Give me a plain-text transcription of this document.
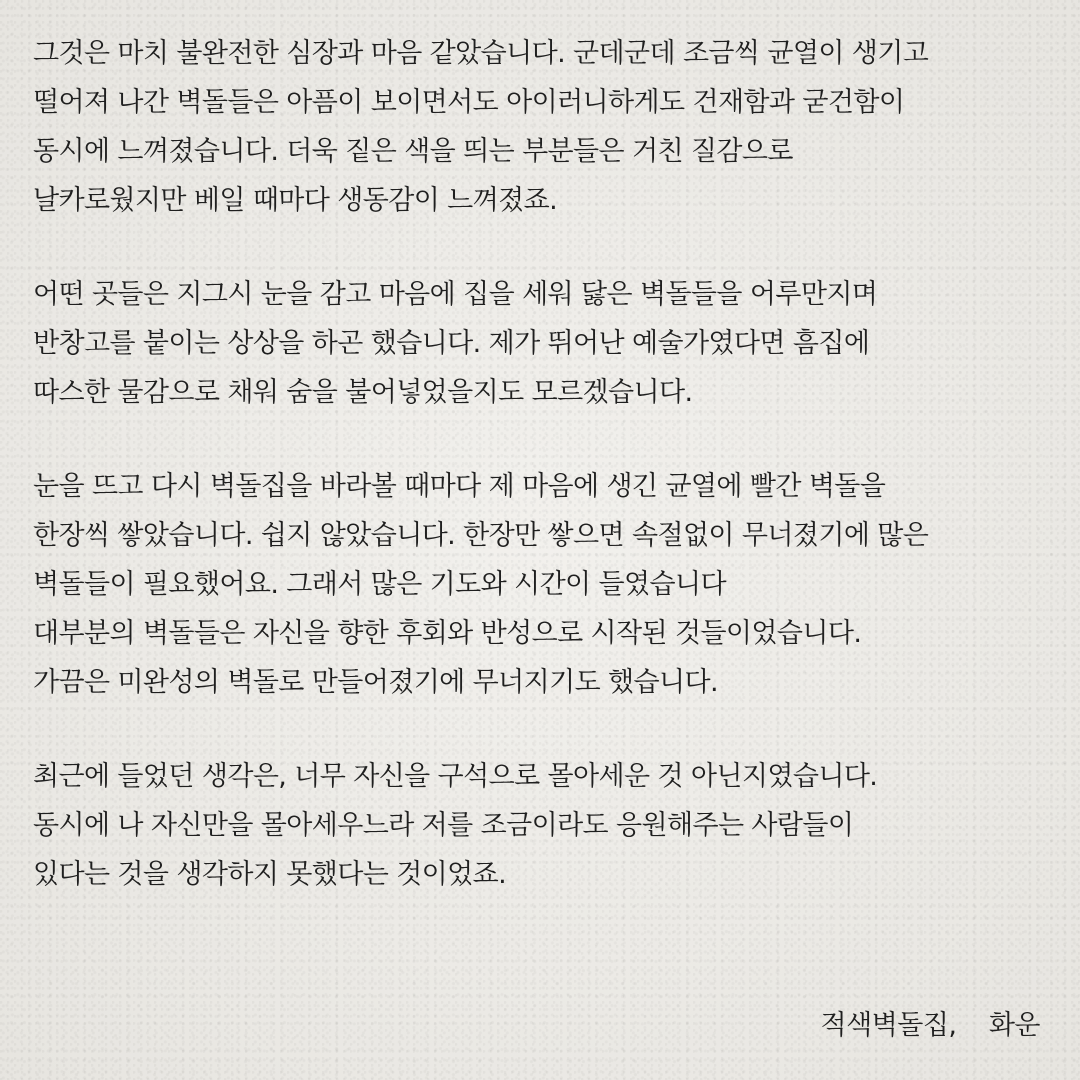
그것은 마치 불완전한 심장과 마음 같았습니다. 군데군데 조금씩 균열이 생기고
떨어져 나간 벽돌들은 아픔이 보이면서도 아이러니하게도 건재함과 굳건함이
동시에 느껴졌습니다. 더욱 짙은 색을 띄는 부분들은 거친 질감으로
날카로웠지만 베일 때마다 생동감이 느껴졌죠.
어떤 곳들은 지그시 눈을 감고 마음에 집을 세워 닳은 벽돌들을 어루만지며
반창고를 붙이는 상상을 하곤 했습니다. 제가 뛰어난 예술가였다면 흠집에
따스한 물감으로 채워 숨을 불어넣었을지도 모르겠습니다.
눈을 뜨고 다시 벽돌집을 바라볼 때마다 제 마음에 생긴 균열에 빨간 벽돌을
한장씩 쌓았습니다. 쉽지 않았습니다. 한장만 쌓으면 속절없이 무너졌기에 많은
벽돌들이 필요했어요. 그래서 많은 기도와 시간이 들였습니다
대부분의 벽돌들은 자신을 향한 후회와 반성으로 시작된 것들이었습니다.
가끔은 미완성의 벽돌로 만들어졌기에 무너지기도 했습니다.
최근에 들었던 생각은, 너무 자신을 구석으로 몰아세운 것 아닌지였습니다.
동시에 나 자신만을 몰아세우느라 저를 조금이라도 응원해주는 사람들이
있다는 것을 생각하지 못했다는 것이었죠.
적색벽돌집,    화운
